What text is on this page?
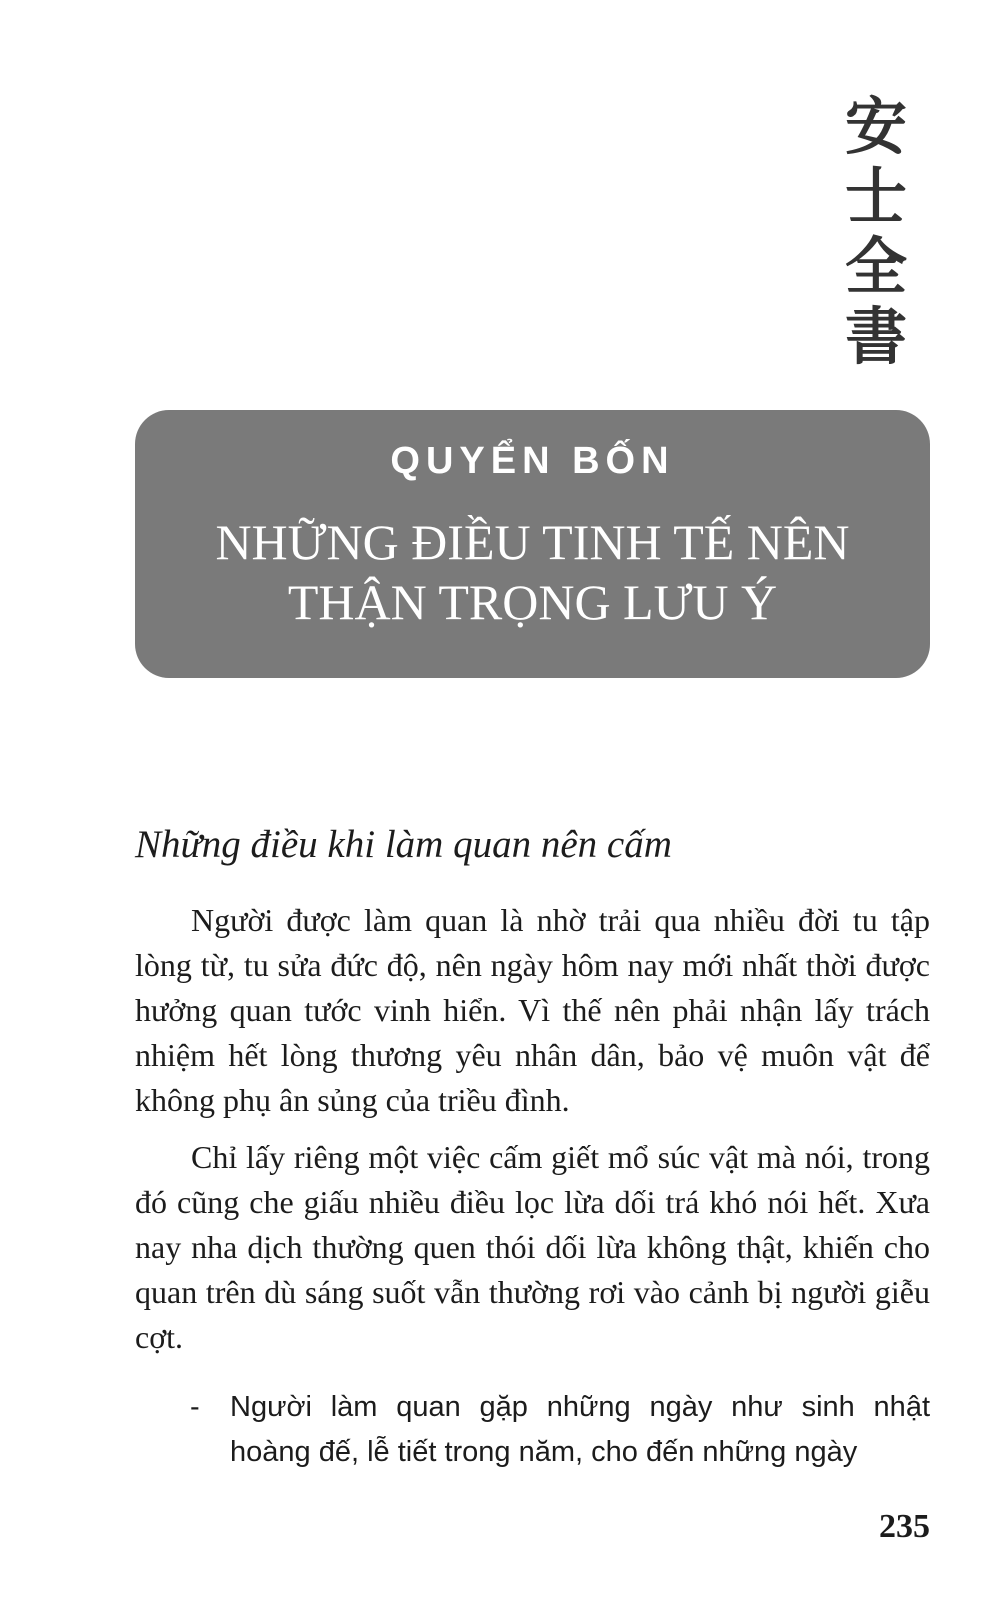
安
士
全
書
QUYỂN BỐN
NHỮNG ĐIỀU TINH TẾ NÊN
THẬN TRỌNG LƯU Ý
Những điều khi làm quan nên cấm

Người được làm quan là nhờ trải qua nhiều đời tu tập lòng từ, tu sửa đức độ, nên ngày hôm nay mới nhất thời được hưởng quan tước vinh hiển. Vì thế nên phải nhận lấy trách nhiệm hết lòng thương yêu nhân dân, bảo vệ muôn vật để không phụ ân sủng của triều đình.

Chỉ lấy riêng một việc cấm giết mổ súc vật mà nói, trong đó cũng che giấu nhiều điều lọc lừa dối trá khó nói hết. Xưa nay nha dịch thường quen thói dối lừa không thật, khiến cho quan trên dù sáng suốt vẫn thường rơi vào cảnh bị người giễu cợt.

-	Người làm quan gặp những ngày như sinh nhật hoàng đế, lễ tiết trong năm, cho đến những ngày
235
